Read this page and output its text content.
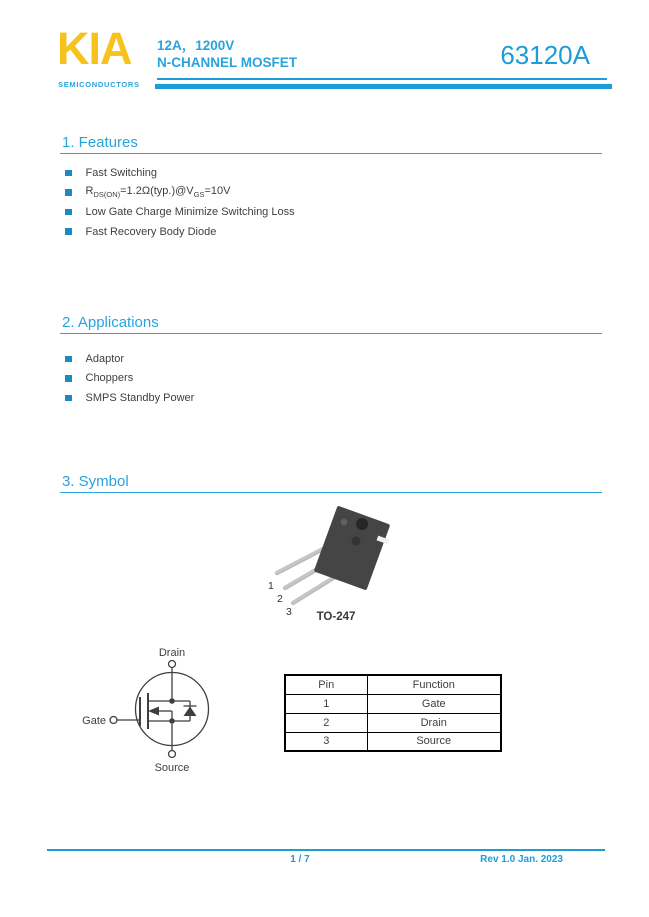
KIA
SEMICONDUCTORS
12A，1200V
N-CHANNEL MOSFET	63120A
1. Features
Fast Switching
$R_{DS(ON)}=1.2\Omega(typ.)@V_{GS}=10V$
Low Gate Charge Minimize Switching Loss
Fast Recovery Body Diode
2. Applications
Adaptor
Choppers
SMPS Standby Power
3. Symbol
1
2
3 TO-247
Drain
Gate
Source
Pin	Function
1	Gate
2	Drain
3	Source
1 / 7	Rev 1.0 Jan. 2023
